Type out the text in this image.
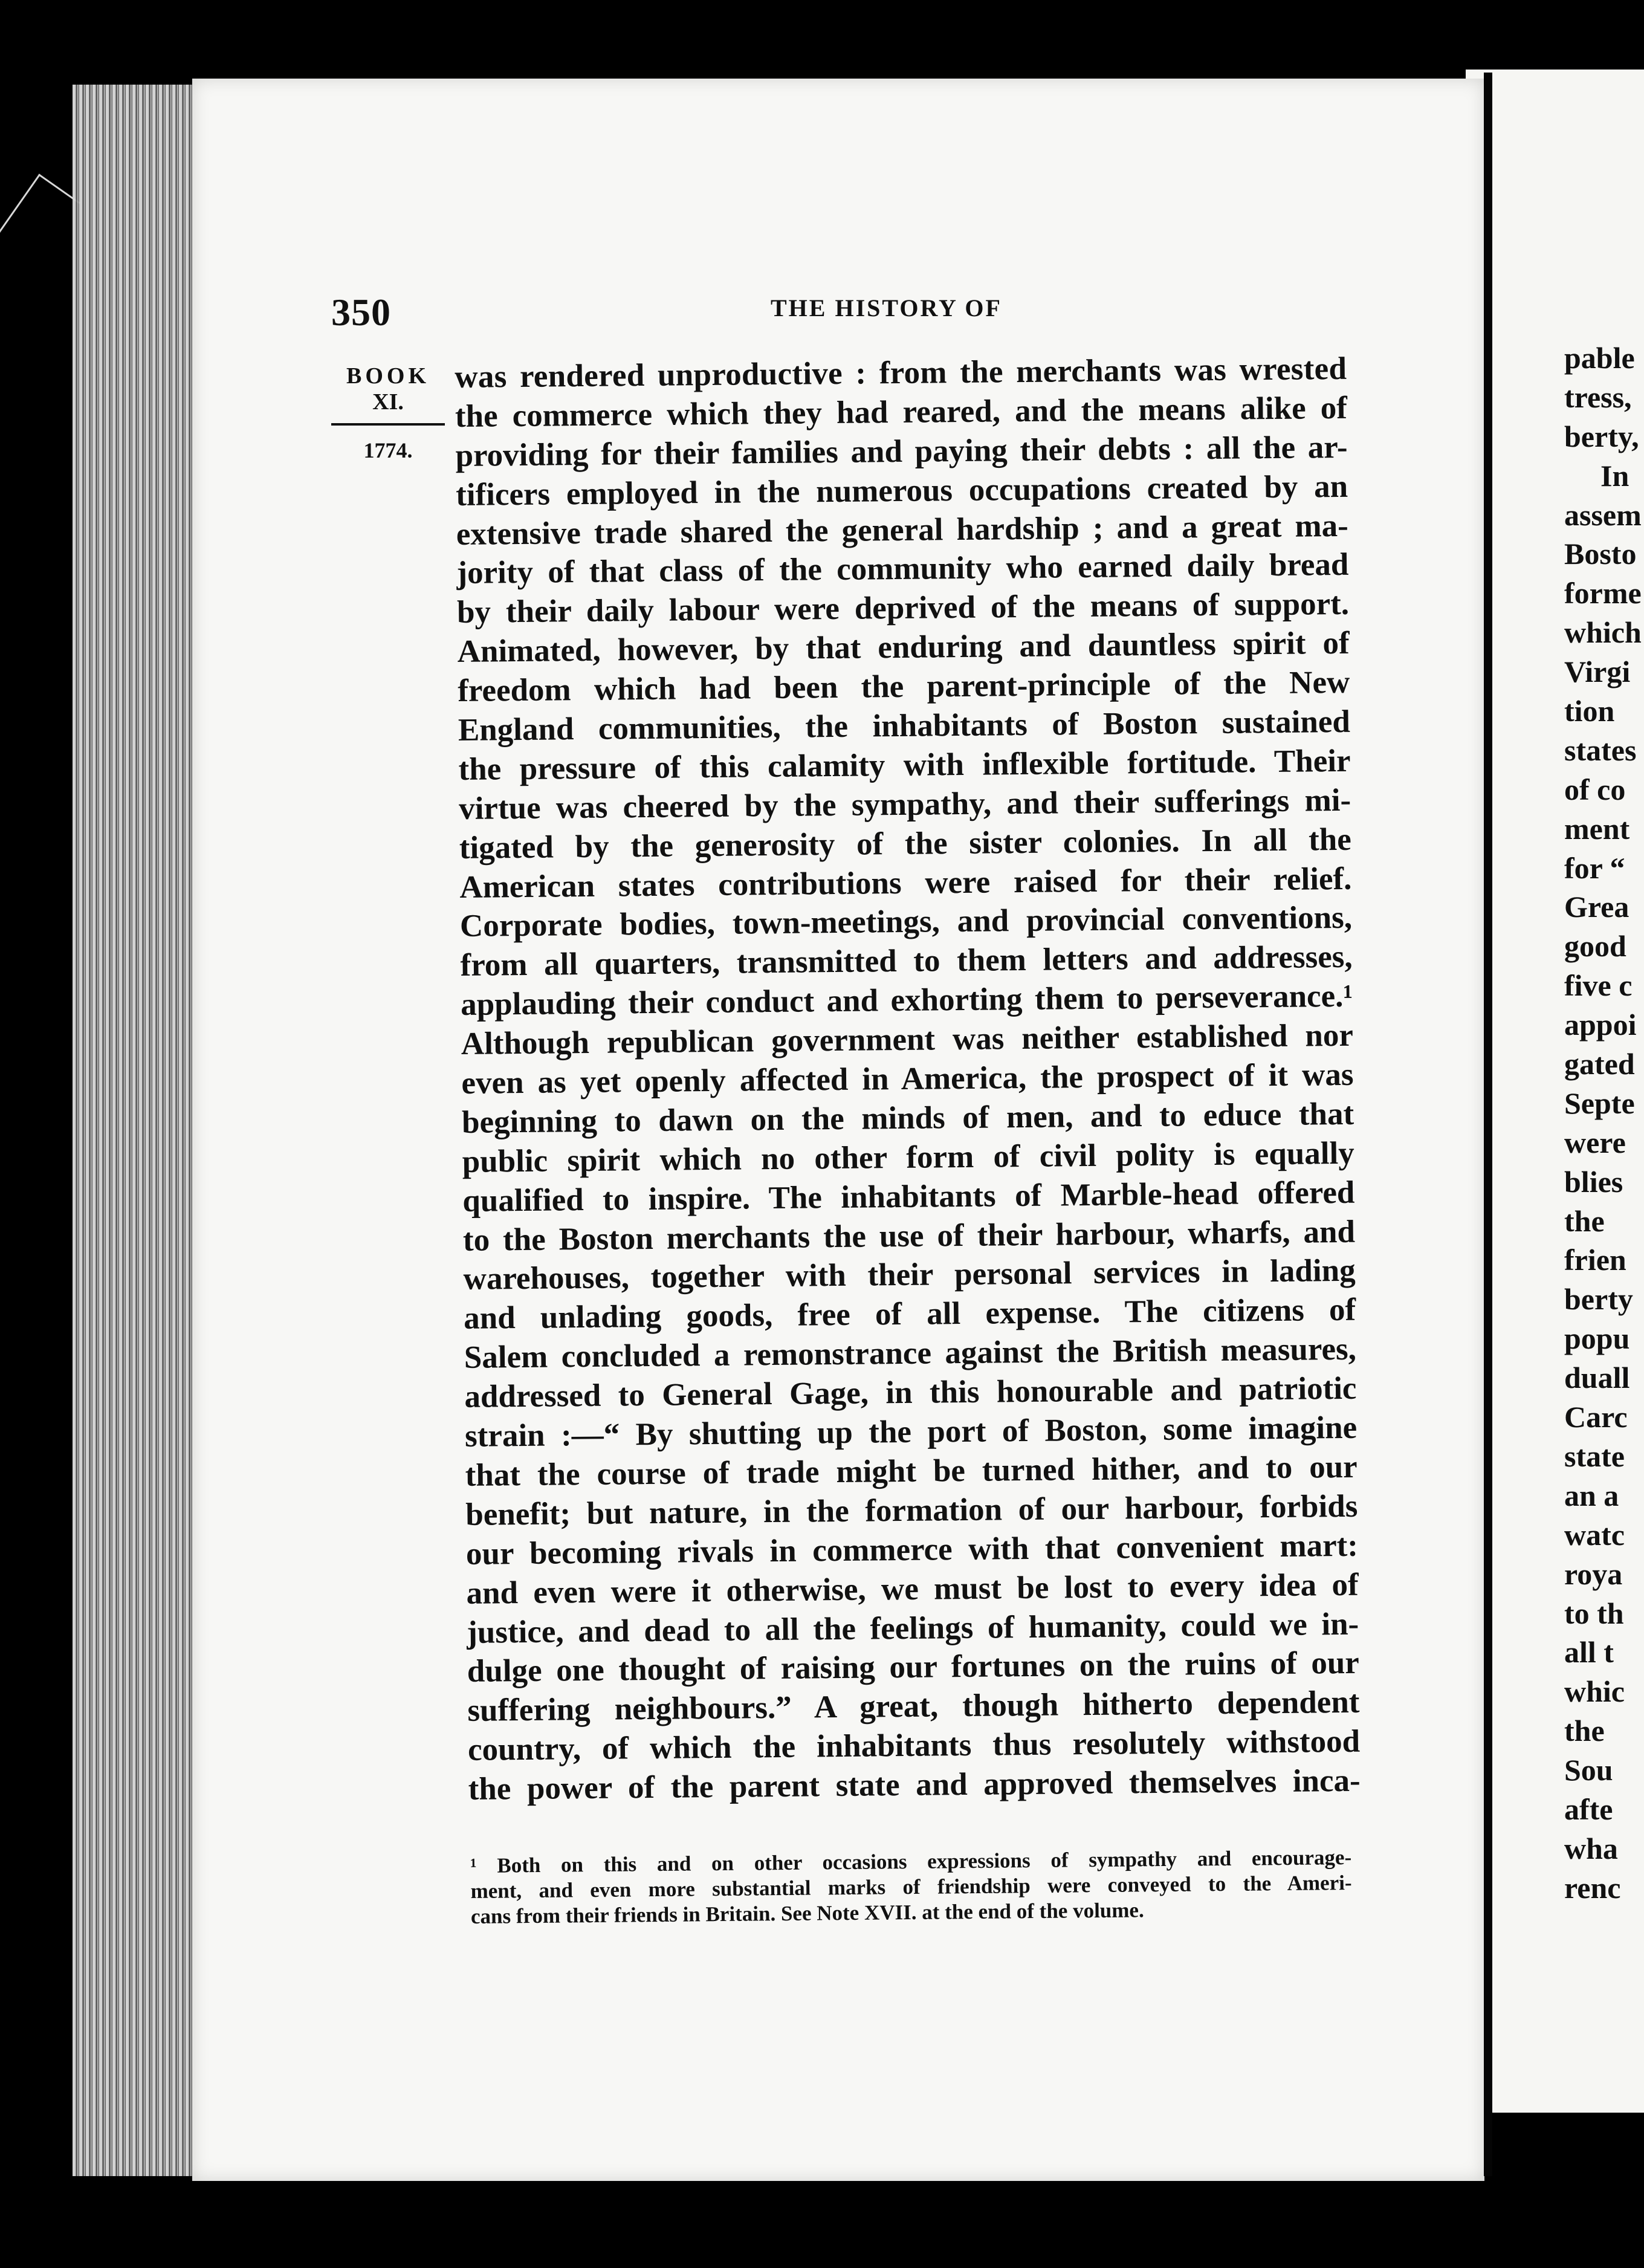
350	THE HISTORY OF
BOOK
XI.
1774.
was rendered unproductive : from the merchants was wrested
the commerce which they had reared, and the means alike of
providing for their families and paying their debts : all the ar-
tificers employed in the numerous occupations created by an
extensive trade shared the general hardship ; and a great ma-
jority of that class of the community who earned daily bread
by their daily labour were deprived of the means of support.
Animated, however, by that enduring and dauntless spirit of
freedom which had been the parent-principle of the New
England communities, the inhabitants of Boston sustained
the pressure of this calamity with inflexible fortitude. Their
virtue was cheered by the sympathy, and their sufferings mi-
tigated by the generosity of the sister colonies. In all the
American states contributions were raised for their relief.
Corporate bodies, town-meetings, and provincial conventions,
from all quarters, transmitted to them letters and addresses,
applauding their conduct and exhorting them to perseverance.¹
Although republican government was neither established nor
even as yet openly affected in America, the prospect of it was
beginning to dawn on the minds of men, and to educe that
public spirit which no other form of civil polity is equally
qualified to inspire. The inhabitants of Marble-head offered
to the Boston merchants the use of their harbour, wharfs, and
warehouses, together with their personal services in lading
and unlading goods, free of all expense. The citizens of
Salem concluded a remonstrance against the British measures,
addressed to General Gage, in this honourable and patriotic
strain :—“ By shutting up the port of Boston, some imagine
that the course of trade might be turned hither, and to our
benefit; but nature, in the formation of our harbour, forbids
our becoming rivals in commerce with that convenient mart:
and even were it otherwise, we must be lost to every idea of
justice, and dead to all the feelings of humanity, could we in-
dulge one thought of raising our fortunes on the ruins of our
suffering neighbours.” A great, though hitherto dependent
country, of which the inhabitants thus resolutely withstood
the power of the parent state and approved themselves inca-
¹ Both on this and on other occasions expressions of sympathy and encourage-
ment, and even more substantial marks of friendship were conveyed to the Ameri-
cans from their friends in Britain. See Note XVII. at the end of the volume.
pable
tress,
berty,
In
assem
Bosto
forme
which
Virgi
tion
states
of co
ment
for “
Grea
good
five c
appoi
gated
Septe
were
blies
the
frien
berty
popu
duall
Carc
state
an a
watc
roya
to th
all t
whic
the
Sou
afte
wha
renc
